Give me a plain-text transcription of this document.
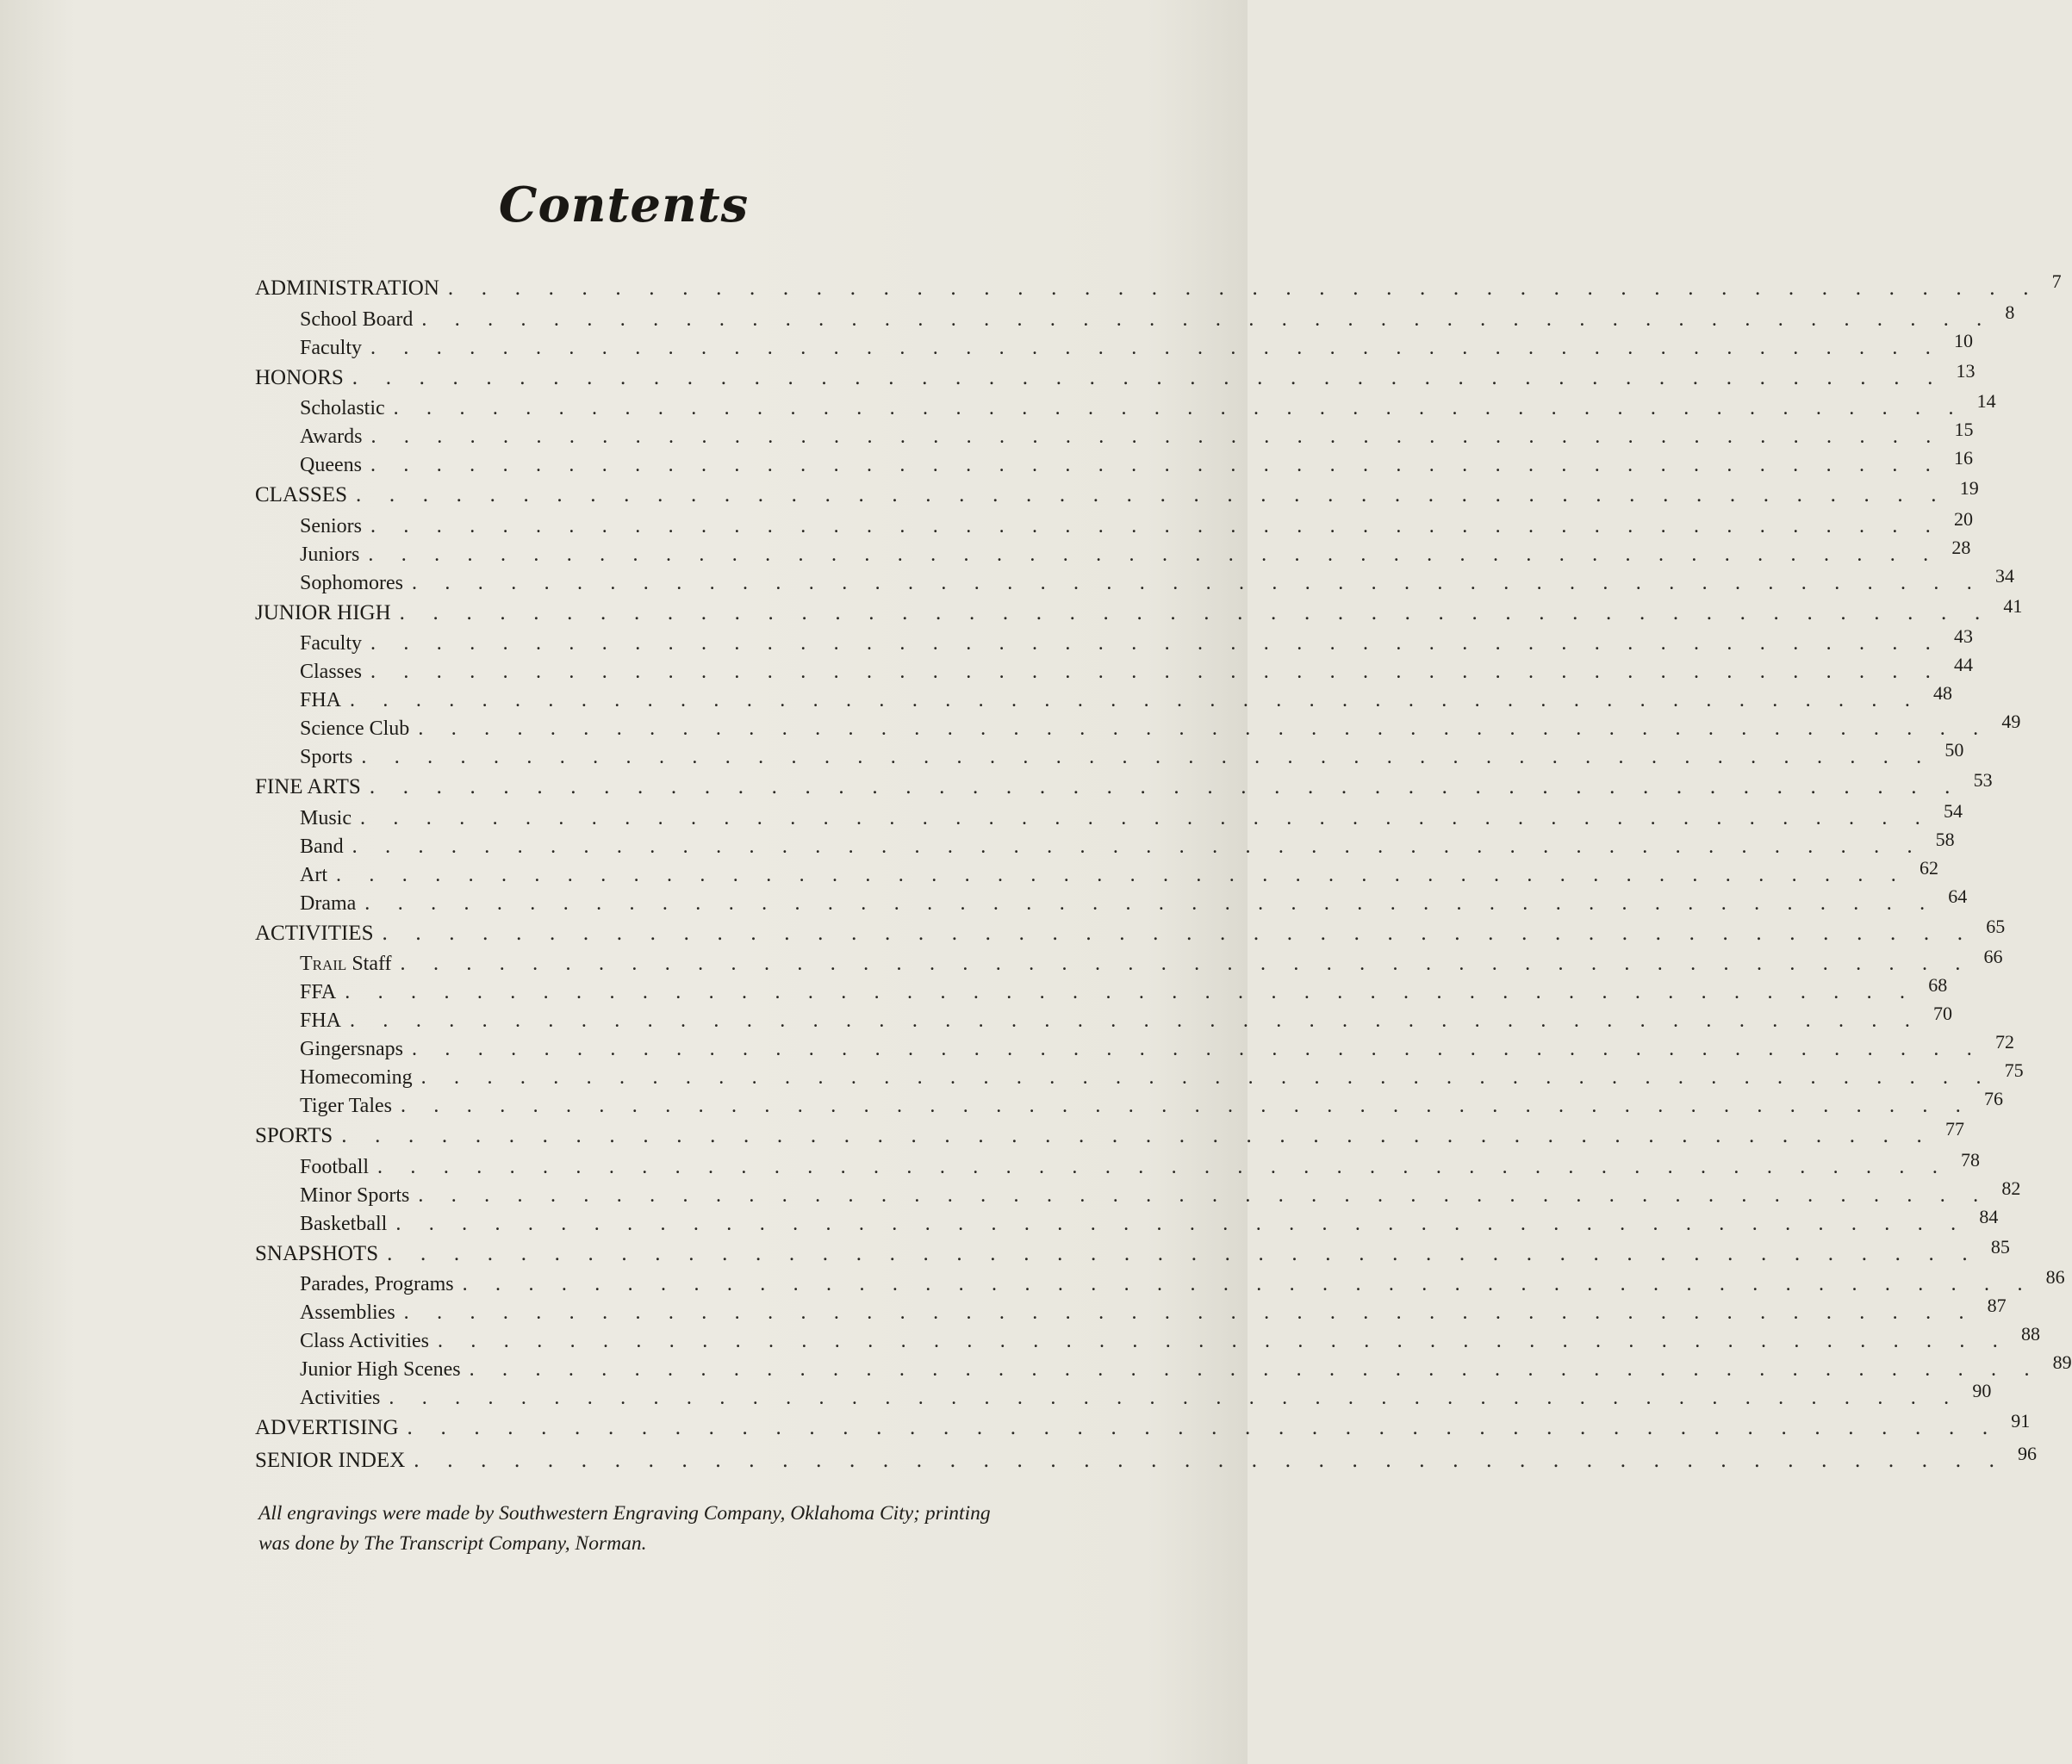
Contents
ADMINISTRATION . . . . . . . . . . . . . . . . . . . . . . . . . . . . . . . . . . . . . . . . . . . . . . . . 7
School Board . . . . . . . . . . . . . . . . . . . . . . . . . . . . . . . . . . . . . . . . . . . . . . . . 8
Faculty . . . . . . . . . . . . . . . . . . . . . . . . . . . . . . . . . . . . . . . . . . . . . . . . 10
HONORS . . . . . . . . . . . . . . . . . . . . . . . . . . . . . . . . . . . . . . . . . . . . . . . . 13
Scholastic . . . . . . . . . . . . . . . . . . . . . . . . . . . . . . . . . . . . . . . . . . . . . . . . 14
Awards . . . . . . . . . . . . . . . . . . . . . . . . . . . . . . . . . . . . . . . . . . . . . . . . 15
Queens . . . . . . . . . . . . . . . . . . . . . . . . . . . . . . . . . . . . . . . . . . . . . . . . 16
CLASSES . . . . . . . . . . . . . . . . . . . . . . . . . . . . . . . . . . . . . . . . . . . . . . . . 19
Seniors . . . . . . . . . . . . . . . . . . . . . . . . . . . . . . . . . . . . . . . . . . . . . . . . 20
Juniors . . . . . . . . . . . . . . . . . . . . . . . . . . . . . . . . . . . . . . . . . . . . . . . . 28
Sophomores . . . . . . . . . . . . . . . . . . . . . . . . . . . . . . . . . . . . . . . . . . . . . . . . 34
JUNIOR HIGH . . . . . . . . . . . . . . . . . . . . . . . . . . . . . . . . . . . . . . . . . . . . . . . . 41
Faculty . . . . . . . . . . . . . . . . . . . . . . . . . . . . . . . . . . . . . . . . . . . . . . . . 43
Classes . . . . . . . . . . . . . . . . . . . . . . . . . . . . . . . . . . . . . . . . . . . . . . . . 44
FHA . . . . . . . . . . . . . . . . . . . . . . . . . . . . . . . . . . . . . . . . . . . . . . . . 48
Science Club . . . . . . . . . . . . . . . . . . . . . . . . . . . . . . . . . . . . . . . . . . . . . . . . 49
Sports . . . . . . . . . . . . . . . . . . . . . . . . . . . . . . . . . . . . . . . . . . . . . . . . 50
FINE ARTS . . . . . . . . . . . . . . . . . . . . . . . . . . . . . . . . . . . . . . . . . . . . . . . . 53
Music . . . . . . . . . . . . . . . . . . . . . . . . . . . . . . . . . . . . . . . . . . . . . . . . 54
Band . . . . . . . . . . . . . . . . . . . . . . . . . . . . . . . . . . . . . . . . . . . . . . . . 58
Art . . . . . . . . . . . . . . . . . . . . . . . . . . . . . . . . . . . . . . . . . . . . . . . . 62
Drama . . . . . . . . . . . . . . . . . . . . . . . . . . . . . . . . . . . . . . . . . . . . . . . . 64
ACTIVITIES . . . . . . . . . . . . . . . . . . . . . . . . . . . . . . . . . . . . . . . . . . . . . . . . 65
Trail Staff . . . . . . . . . . . . . . . . . . . . . . . . . . . . . . . . . . . . . . . . . . . . . . . . 66
FFA . . . . . . . . . . . . . . . . . . . . . . . . . . . . . . . . . . . . . . . . . . . . . . . . 68
FHA . . . . . . . . . . . . . . . . . . . . . . . . . . . . . . . . . . . . . . . . . . . . . . . . 70
Gingersnaps . . . . . . . . . . . . . . . . . . . . . . . . . . . . . . . . . . . . . . . . . . . . . . . . 72
Homecoming . . . . . . . . . . . . . . . . . . . . . . . . . . . . . . . . . . . . . . . . . . . . . . . . 75
Tiger Tales . . . . . . . . . . . . . . . . . . . . . . . . . . . . . . . . . . . . . . . . . . . . . . . . 76
SPORTS . . . . . . . . . . . . . . . . . . . . . . . . . . . . . . . . . . . . . . . . . . . . . . . . 77
Football . . . . . . . . . . . . . . . . . . . . . . . . . . . . . . . . . . . . . . . . . . . . . . . . 78
Minor Sports . . . . . . . . . . . . . . . . . . . . . . . . . . . . . . . . . . . . . . . . . . . . . . . . 82
Basketball . . . . . . . . . . . . . . . . . . . . . . . . . . . . . . . . . . . . . . . . . . . . . . . . 84
SNAPSHOTS . . . . . . . . . . . . . . . . . . . . . . . . . . . . . . . . . . . . . . . . . . . . . . . . 85
Parades, Programs . . . . . . . . . . . . . . . . . . . . . . . . . . . . . . . . . . . . . . . . . . . . . . . . 86
Assemblies . . . . . . . . . . . . . . . . . . . . . . . . . . . . . . . . . . . . . . . . . . . . . . . . 87
Class Activities . . . . . . . . . . . . . . . . . . . . . . . . . . . . . . . . . . . . . . . . . . . . . . . . 88
Junior High Scenes . . . . . . . . . . . . . . . . . . . . . . . . . . . . . . . . . . . . . . . . . . . . . . . . 89
Activities . . . . . . . . . . . . . . . . . . . . . . . . . . . . . . . . . . . . . . . . . . . . . . . . 90
ADVERTISING . . . . . . . . . . . . . . . . . . . . . . . . . . . . . . . . . . . . . . . . . . . . . . . . 91
SENIOR INDEX . . . . . . . . . . . . . . . . . . . . . . . . . . . . . . . . . . . . . . . . . . . . . . . . 96
All engravings were made by Southwestern Engraving Company, Oklahoma City; printing was done by The Transcript Company, Norman.
